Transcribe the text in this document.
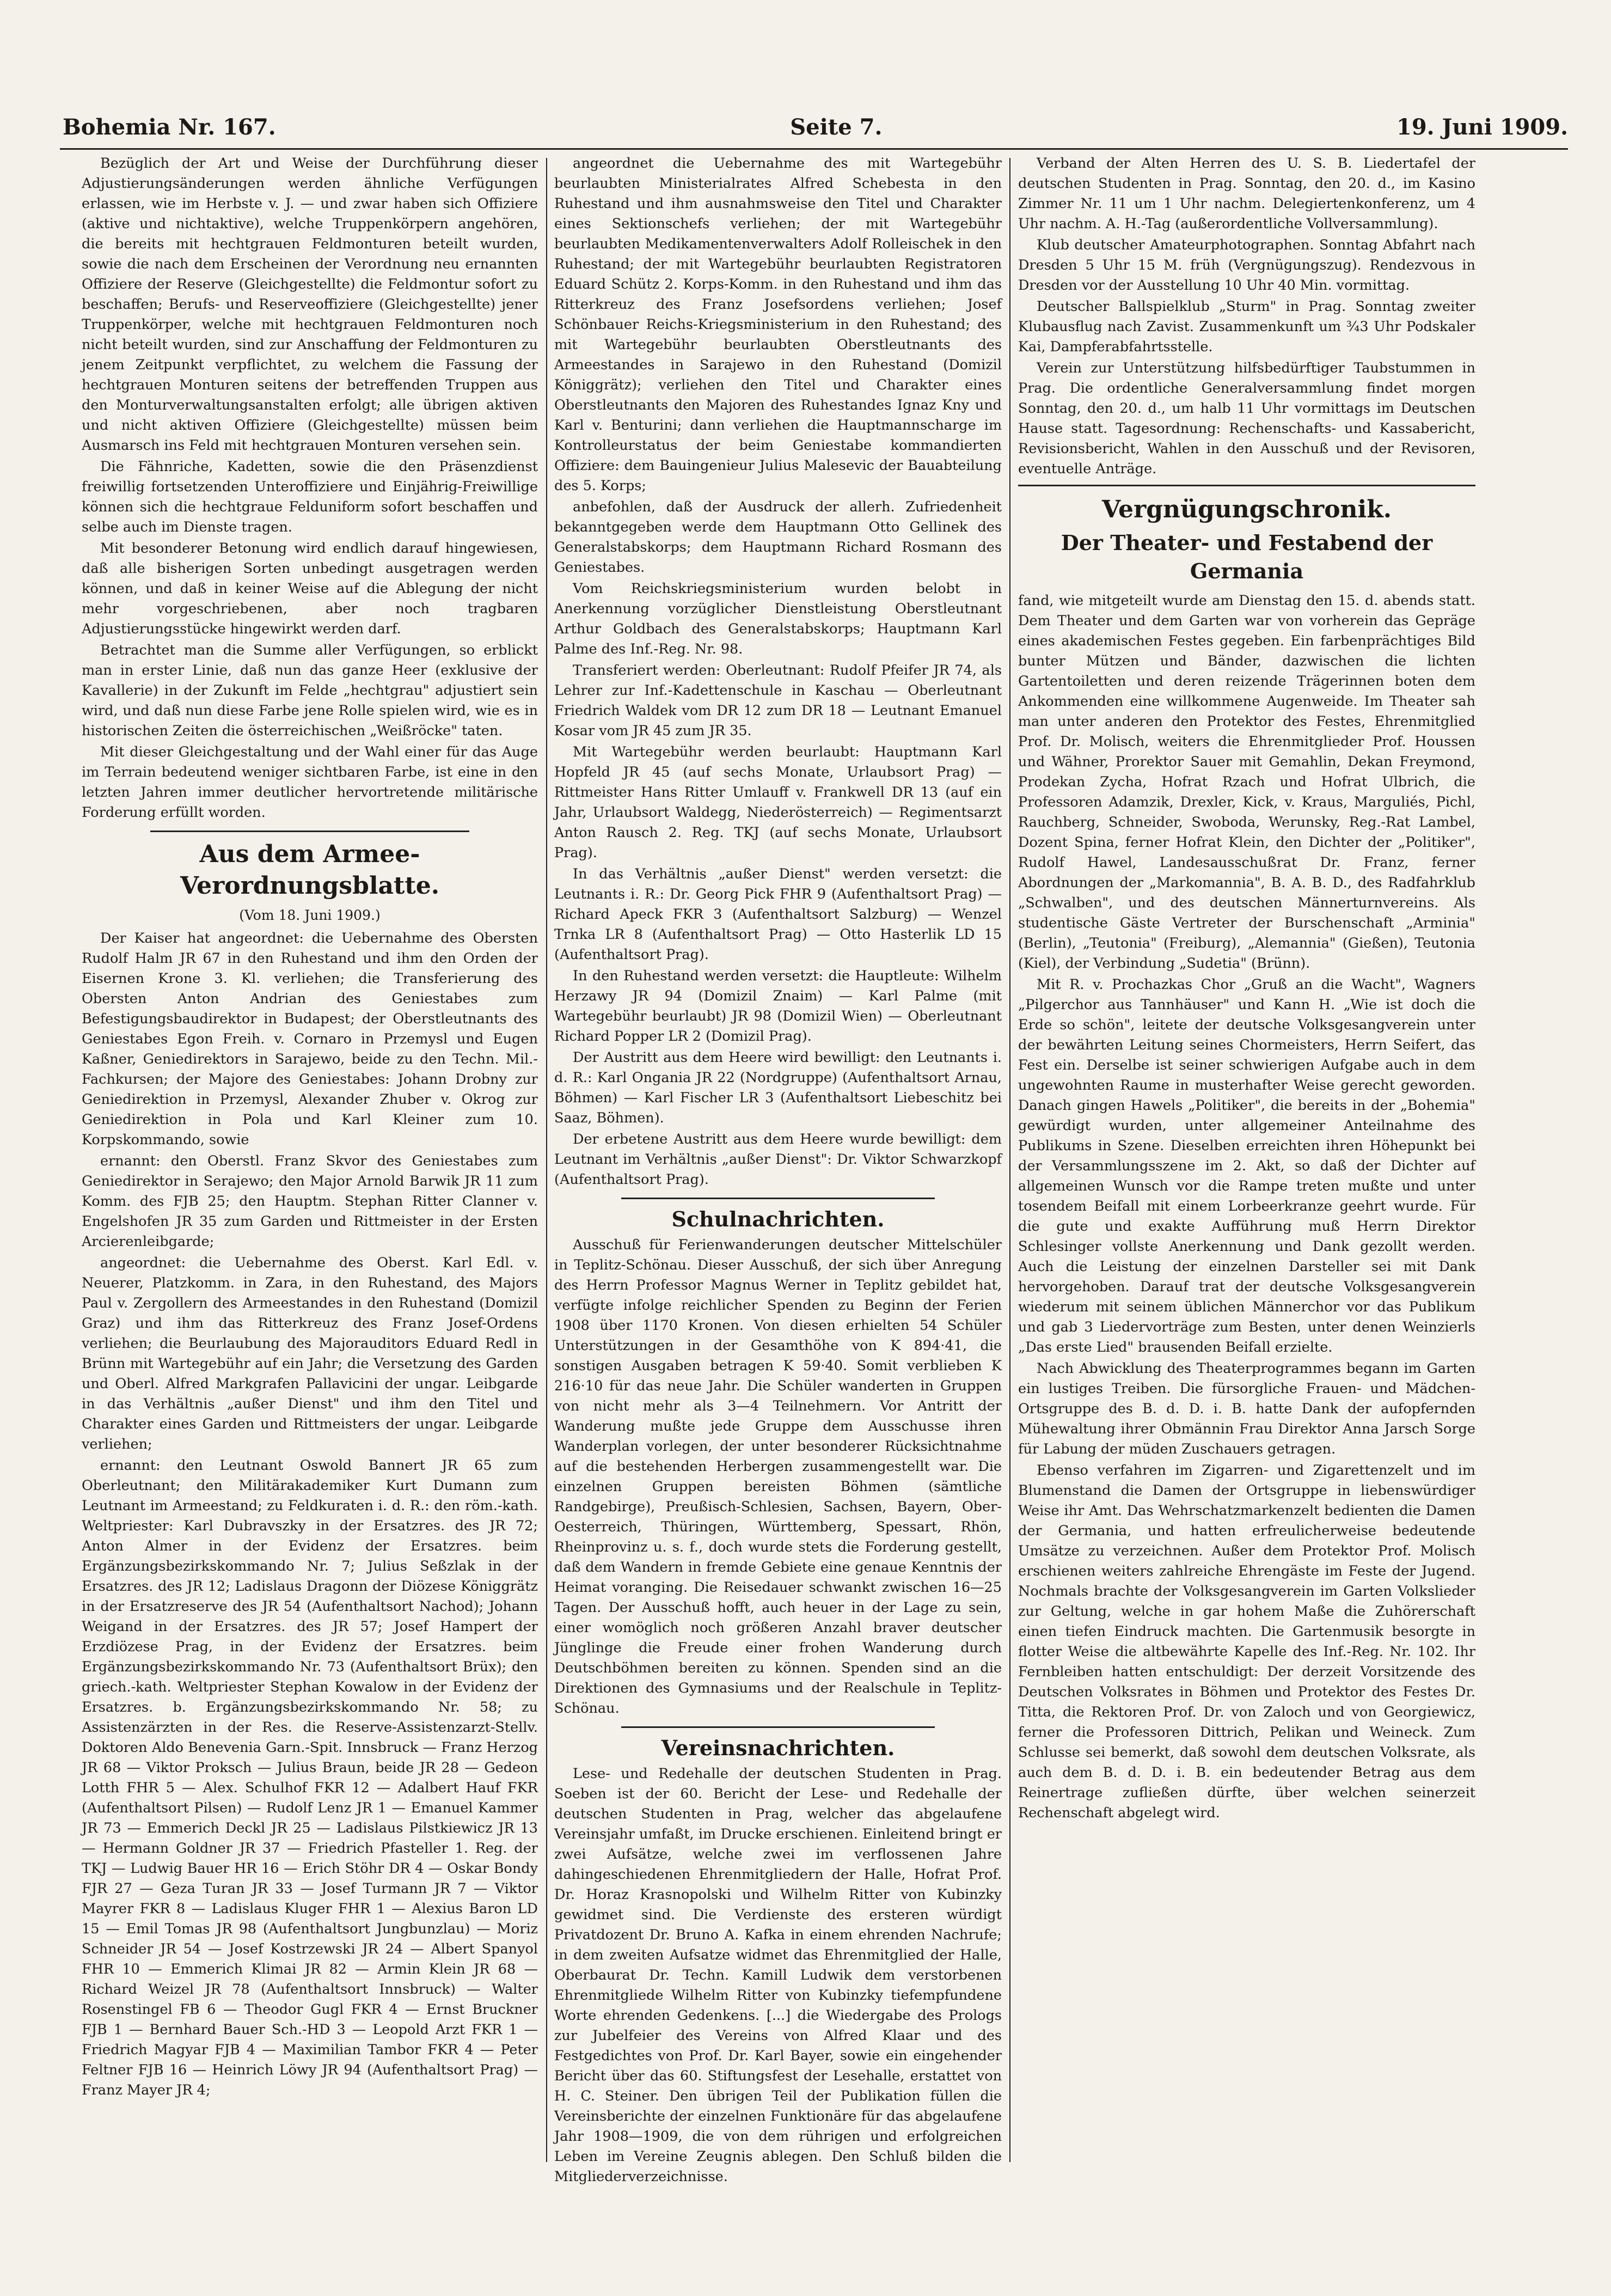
Bohemia Nr. 167.	Seite 7.	19. Juni 1909.

Bezüglich der Art und Weise der Durchführung dieser Adjustierungsänderungen werden ähnliche Verfügungen erlassen, wie im Herbste v. J. — und zwar haben sich Offiziere (aktive und nichtaktive), welche Truppenkörpern angehören, die bereits mit hechtgrauen Feldmonturen beteilt wurden, sowie die nach dem Erscheinen der Verordnung neu ernannten Offiziere der Reserve (Gleichgestellte) die Feldmontur sofort zu beschaffen; Berufs- und Reserveoffiziere (Gleichgestellte) jener Truppenkörper, welche mit hechtgrauen Feldmonturen noch nicht beteilt wurden, sind zur Anschaffung der Feldmonturen zu jenem Zeitpunkt verpflichtet, zu welchem die Fassung der hechtgrauen Monturen seitens der betreffenden Truppen aus den Monturverwaltungsanstalten erfolgt; alle übrigen aktiven und nicht aktiven Offiziere (Gleichgestellte) müssen beim Ausmarsch ins Feld mit hechtgrauen Monturen versehen sein.

Die Fähnriche, Kadetten, sowie die den Präsenzdienst freiwillig fortsetzenden Unteroffiziere und Einjährig-Freiwillige können sich die hechtgraue Felduniform sofort beschaffen und selbe auch im Dienste tragen.

Mit besonderer Betonung wird endlich darauf hingewiesen, daß alle bisherigen Sorten unbedingt ausgetragen werden können, und daß in keiner Weise auf die Ablegung der nicht mehr vorgeschriebenen, aber noch tragbaren Adjustierungsstücke hingewirkt werden darf.

Betrachtet man die Summe aller Verfügungen, so erblickt man in erster Linie, daß nun das ganze Heer (exklusive der Kavallerie) in der Zukunft im Felde „hechtgrau" adjustiert sein wird, und daß nun diese Farbe jene Rolle spielen wird, wie es in historischen Zeiten die österreichischen „Weißröcke" taten.

Mit dieser Gleichgestaltung und der Wahl einer für das Auge im Terrain bedeutend weniger sichtbaren Farbe, ist eine in den letzten Jahren immer deutlicher hervortretende militärische Forderung erfüllt worden.

Aus dem Armee-Verordnungsblatte.
(Vom 18. Juni 1909.)

Der Kaiser hat angeordnet: die Uebernahme des Obersten Rudolf Halm JR 67 in den Ruhestand und ihm den Orden der Eisernen Krone 3. Kl. verliehen; die Transferierung des Obersten Anton Andrian des Geniestabes zum Befestigungsbaudirektor in Budapest; der Oberstleutnants des Geniestabes Egon Freih. v. Cornaro in Przemysl und Eugen Kaßner, Geniedirektors in Sarajewo, beide zu den Techn. Mil.-Fachkursen; der Majore des Geniestabes: Johann Drobny zur Geniedirektion in Przemysl, Alexander Zhuber v. Okrog zur Geniedirektion in Pola und Karl Kleiner zum 10. Korpskommando, sowie

ernannt: den Oberstl. Franz Skvor des Geniestabes zum Geniedirektor in Serajewo; den Major Arnold Barwik JR 11 zum Komm. des FJB 25; den Hauptm. Stephan Ritter Clanner v. Engelshofen JR 35 zum Garden und Rittmeister in der Ersten Arcierenleibgarde;

angeordnet: die Uebernahme des Oberst. Karl Edl. v. Neuerer, Platzkomm. in Zara, in den Ruhestand, des Majors Paul v. Zergollern des Armeestandes in den Ruhestand (Domizil Graz) und ihm das Ritterkreuz des Franz Josef-Ordens verliehen; die Beurlaubung des Majorauditors Eduard Redl in Brünn mit Wartegebühr auf ein Jahr; die Versetzung des Garden und Oberl. Alfred Markgrafen Pallavicini der ungar. Leibgarde in das Verhältnis „außer Dienst" und ihm den Titel und Charakter eines Garden und Rittmeisters der ungar. Leibgarde verliehen;

ernannt: den Leutnant Oswold Bannert JR 65 zum Oberleutnant; den Militärakademiker Kurt Dumann zum Leutnant im Armeestand; zu Feldkuraten i. d. R.: den röm.-kath. Weltpriester: Karl Dubravszky in der Ersatzres. des JR 72; Anton Almer in der Evidenz der Ersatzres. beim Ergänzungsbezirkskommando Nr. 7; Julius Seßzlak in der Ersatzres. des JR 12; Ladislaus Dragonn der Diözese Königgrätz in der Ersatzreserve des JR 54 (Aufenthaltsort Nachod); Johann Weigand in der Ersatzres. des JR 57; Josef Hampert der Erzdiözese Prag, in der Evidenz der Ersatzres. beim Ergänzungsbezirkskommando Nr. 73 (Aufenthaltsort Brüx); den griech.-kath. Weltpriester Stephan Kowalow in der Evidenz der Ersatzres. b. Ergänzungsbezirkskommando Nr. 58; zu Assistenzärzten in der Res. die Reserve-Assistenzarzt-Stellv. Doktoren Aldo Benevenia Garn.-Spit. Innsbruck — Franz Herzog JR 68 — Viktor Proksch — Julius Braun, beide JR 28 — Gedeon Lotth FHR 5 — Alex. Schulhof FKR 12 — Adalbert Hauf FKR (Aufenthaltsort Pilsen) — Rudolf Lenz JR 1 — Emanuel Kammer JR 73 — Emmerich Deckl JR 25 — Ladislaus Pilstkiewicz JR 13 — Hermann Goldner JR 37 — Friedrich Pfasteller 1. Reg. der TKJ — Ludwig Bauer HR 16 — Erich Stöhr DR 4 — Oskar Bondy FJR 27 — Geza Turan JR 33 — Josef Turmann JR 7 — Viktor Mayrer FKR 8 — Ladislaus Kluger FHR 1 — Alexius Baron LD 15 — Emil Tomas JR 98 (Aufenthaltsort Jungbunzlau) — Moriz Schneider JR 54 — Josef Kostrzewski JR 24 — Albert Spanyol FHR 10 — Emmerich Klimai JR 82 — Armin Klein JR 68 — Richard Weizel JR 78 (Aufenthaltsort Innsbruck) — Walter Rosenstingel FB 6 — Theodor Gugl FKR 4 — Ernst Bruckner FJB 1 — Bernhard Bauer Sch.-HD 3 — Leopold Arzt FKR 1 — Friedrich Magyar FJB 4 — Maximilian Tambor FKR 4 — Peter Feltner FJB 16 — Heinrich Löwy JR 94 (Aufenthaltsort Prag) — Franz Mayer JR 4;

angeordnet die Uebernahme des mit Wartegebühr beurlaubten Ministerialrates Alfred Schebesta in den Ruhestand und ihm ausnahmsweise den Titel und Charakter eines Sektionschefs verliehen; der mit Wartegebühr beurlaubten Medikamentenverwalters Adolf Rolleischek in den Ruhestand; der mit Wartegebühr beurlaubten Registratoren Eduard Schütz 2. Korps-Komm. in den Ruhestand und ihm das Ritterkreuz des Franz Josefsordens verliehen; Josef Schönbauer Reichs-Kriegsministerium in den Ruhestand; des mit Wartegebühr beurlaubten Oberstleutnants des Armeestandes in Sarajewo in den Ruhestand (Domizil Königgrätz); verliehen den Titel und Charakter eines Oberstleutnants den Majoren des Ruhestandes Ignaz Kny und Karl v. Benturini; dann verliehen die Hauptmannscharge im Kontrolleurstatus der beim Geniestabe kommandierten Offiziere: dem Bauingenieur Julius Malesevic der Bauabteilung des 5. Korps;

anbefohlen, daß der Ausdruck der allerh. Zufriedenheit bekanntgegeben werde dem Hauptmann Otto Gellinek des Generalstabskorps; dem Hauptmann Richard Rosmann des Geniestabes.

Vom Reichskriegsministerium wurden belobt in Anerkennung vorzüglicher Dienstleistung Oberstleutnant Arthur Goldbach des Generalstabskorps; Hauptmann Karl Palme des Inf.-Reg. Nr. 98.

Transferiert werden: Oberleutnant: Rudolf Pfeifer JR 74, als Lehrer zur Inf.-Kadettenschule in Kaschau — Oberleutnant Friedrich Waldek vom DR 12 zum DR 18 — Leutnant Emanuel Kosar vom JR 45 zum JR 35.

Mit Wartegebühr werden beurlaubt: Hauptmann Karl Hopfeld JR 45 (auf sechs Monate, Urlaubsort Prag) — Rittmeister Hans Ritter Umlauff v. Frankwell DR 13 (auf ein Jahr, Urlaubsort Waldegg, Niederösterreich) — Regimentsarzt Anton Rausch 2. Reg. TKJ (auf sechs Monate, Urlaubsort Prag).

In das Verhältnis „außer Dienst" werden versetzt: die Leutnants i. R.: Dr. Georg Pick FHR 9 (Aufenthaltsort Prag) — Richard Apeck FKR 3 (Aufenthaltsort Salzburg) — Wenzel Trnka LR 8 (Aufenthaltsort Prag) — Otto Hasterlik LD 15 (Aufenthaltsort Prag).

In den Ruhestand werden versetzt: die Hauptleute: Wilhelm Herzawy JR 94 (Domizil Znaim) — Karl Palme (mit Wartegebühr beurlaubt) JR 98 (Domizil Wien) — Oberleutnant Richard Popper LR 2 (Domizil Prag).

Der Austritt aus dem Heere wird bewilligt: den Leutnants i. d. R.: Karl Ongania JR 22 (Nordgruppe) (Aufenthaltsort Arnau, Böhmen) — Karl Fischer LR 3 (Aufenthaltsort Liebeschitz bei Saaz, Böhmen).

Der erbetene Austritt aus dem Heere wurde bewilligt: dem Leutnant im Verhältnis „außer Dienst": Dr. Viktor Schwarzkopf (Aufenthaltsort Prag).

Schulnachrichten.

Ausschuß für Ferienwanderungen deutscher Mittelschüler in Teplitz-Schönau. Dieser Ausschuß, der sich über Anregung des Herrn Professor Magnus Werner in Teplitz gebildet hat, verfügte infolge reichlicher Spenden zu Beginn der Ferien 1908 über 1170 Kronen. Von diesen erhielten 54 Schüler Unterstützungen in der Gesamthöhe von K 894·41, die sonstigen Ausgaben betragen K 59·40. Somit verblieben K 216·10 für das neue Jahr. Die Schüler wanderten in Gruppen von nicht mehr als 3—4 Teilnehmern. Vor Antritt der Wanderung mußte jede Gruppe dem Ausschusse ihren Wanderplan vorlegen, der unter besonderer Rücksichtnahme auf die bestehenden Herbergen zusammengestellt war. Die einzelnen Gruppen bereisten Böhmen (sämtliche Randgebirge), Preußisch-Schlesien, Sachsen, Bayern, Ober-Oesterreich, Thüringen, Württemberg, Spessart, Rhön, Rheinprovinz u. s. f., doch wurde stets die Forderung gestellt, daß dem Wandern in fremde Gebiete eine genaue Kenntnis der Heimat voranging. Die Reisedauer schwankt zwischen 16—25 Tagen. Der Ausschuß hofft, auch heuer in der Lage zu sein, einer womöglich noch größeren Anzahl braver deutscher Jünglinge die Freude einer frohen Wanderung durch Deutschböhmen bereiten zu können. Spenden sind an die Direktionen des Gymnasiums und der Realschule in Teplitz-Schönau.

Vereinsnachrichten.

Lese- und Redehalle der deutschen Studenten in Prag. Soeben ist der 60. Bericht der Lese- und Redehalle der deutschen Studenten in Prag, welcher das abgelaufene Vereinsjahr umfaßt, im Drucke erschienen. Einleitend bringt er zwei Aufsätze, welche zwei im verflossenen Jahre dahingeschiedenen Ehrenmitgliedern der Halle, Hofrat Prof. Dr. Horaz Krasnopolski und Wilhelm Ritter von Kubinzky gewidmet sind. Die Verdienste des ersteren würdigt Privatdozent Dr. Bruno A. Kafka in einem ehrenden Nachrufe; in dem zweiten Aufsatze widmet das Ehrenmitglied der Halle, Oberbaurat Dr. Techn. Kamill Ludwik dem verstorbenen Ehrenmitgliede Wilhelm Ritter von Kubinzky tiefempfundene Worte ehrenden Gedenkens. [...] die Wiedergabe des Prologs zur Jubelfeier des Vereins von Alfred Klaar und des Festgedichtes von Prof. Dr. Karl Bayer, sowie ein eingehender Bericht über das 60. Stiftungsfest der Lesehalle, erstattet von H. C. Steiner. Den übrigen Teil der Publikation füllen die Vereinsberichte der einzelnen Funktionäre für das abgelaufene Jahr 1908—1909, die von dem rührigen und erfolgreichen Leben im Vereine Zeugnis ablegen. Den Schluß bilden die Mitgliederverzeichnisse.

Verband der Alten Herren des U. S. B. Liedertafel der deutschen Studenten in Prag. Sonntag, den 20. d., im Kasino Zimmer Nr. 11 um 1 Uhr nachm. Delegiertenkonferenz, um 4 Uhr nachm. A. H.-Tag (außerordentliche Vollversammlung).

Klub deutscher Amateurphotographen. Sonntag Abfahrt nach Dresden 5 Uhr 15 M. früh (Vergnügungszug). Rendezvous in Dresden vor der Ausstellung 10 Uhr 40 Min. vormittag.

Deutscher Ballspielklub „Sturm" in Prag. Sonntag zweiter Klubausflug nach Zavist. Zusammenkunft um ¾3 Uhr Podskaler Kai, Dampferabfahrtsstelle.

Verein zur Unterstützung hilfsbedürftiger Taubstummen in Prag. Die ordentliche Generalversammlung findet morgen Sonntag, den 20. d., um halb 11 Uhr vormittags im Deutschen Hause statt. Tagesordnung: Rechenschafts- und Kassabericht, Revisionsbericht, Wahlen in den Ausschuß und der Revisoren, eventuelle Anträge.

Vergnügungschronik.
Der Theater- und Festabend der Germania

fand, wie mitgeteilt wurde am Dienstag den 15. d. abends statt. Dem Theater und dem Garten war von vorherein das Gepräge eines akademischen Festes gegeben. Ein farbenprächtiges Bild bunter Mützen und Bänder, dazwischen die lichten Gartentoiletten und deren reizende Trägerinnen boten dem Ankommenden eine willkommene Augenweide. Im Theater sah man unter anderen den Protektor des Festes, Ehrenmitglied Prof. Dr. Molisch, weiters die Ehrenmitglieder Prof. Houssen und Wähner, Prorektor Sauer mit Gemahlin, Dekan Freymond, Prodekan Zycha, Hofrat Rzach und Hofrat Ulbrich, die Professoren Adamzik, Drexler, Kick, v. Kraus, Marguliés, Pichl, Rauchberg, Schneider, Swoboda, Werunsky, Reg.-Rat Lambel, Dozent Spina, ferner Hofrat Klein, den Dichter der „Politiker", Rudolf Hawel, Landesausschußrat Dr. Franz, ferner Abordnungen der „Markomannia", B. A. B. D., des Radfahrklub „Schwalben", und des deutschen Männerturnvereins. Als studentische Gäste Vertreter der Burschenschaft „Arminia" (Berlin), „Teutonia" (Freiburg), „Alemannia" (Gießen), Teutonia (Kiel), der Verbindung „Sudetia" (Brünn).

Mit R. v. Prochazkas Chor „Gruß an die Wacht", Wagners „Pilgerchor aus Tannhäuser" und Kann H. „Wie ist doch die Erde so schön", leitete der deutsche Volksgesangverein unter der bewährten Leitung seines Chormeisters, Herrn Seifert, das Fest ein. Derselbe ist seiner schwierigen Aufgabe auch in dem ungewohnten Raume in musterhafter Weise gerecht geworden. Danach gingen Hawels „Politiker", die bereits in der „Bohemia" gewürdigt wurden, unter allgemeiner Anteilnahme des Publikums in Szene. Dieselben erreichten ihren Höhepunkt bei der Versammlungsszene im 2. Akt, so daß der Dichter auf allgemeinen Wunsch vor die Rampe treten mußte und unter tosendem Beifall mit einem Lorbeerkranze geehrt wurde. Für die gute und exakte Aufführung muß Herrn Direktor Schlesinger vollste Anerkennung und Dank gezollt werden. Auch die Leistung der einzelnen Darsteller sei mit Dank hervorgehoben. Darauf trat der deutsche Volksgesangverein wiederum mit seinem üblichen Männerchor vor das Publikum und gab 3 Liedervorträge zum Besten, unter denen Weinzierls „Das erste Lied" brausenden Beifall erzielte.

Nach Abwicklung des Theaterprogrammes begann im Garten ein lustiges Treiben. Die fürsorgliche Frauen- und Mädchen-Ortsgruppe des B. d. D. i. B. hatte Dank der aufopfernden Mühewaltung ihrer Obmännin Frau Direktor Anna Jarsch Sorge für Labung der müden Zuschauers getragen.

Ebenso verfahren im Zigarren- und Zigarettenzelt und im Blumenstand die Damen der Ortsgruppe in liebenswürdiger Weise ihr Amt. Das Wehrschatzmarkenzelt bedienten die Damen der Germania, und hatten erfreulicherweise bedeutende Umsätze zu verzeichnen. Außer dem Protektor Prof. Molisch erschienen weiters zahlreiche Ehrengäste im Feste der Jugend. Nochmals brachte der Volksgesangverein im Garten Volkslieder zur Geltung, welche in gar hohem Maße die Zuhörerschaft einen tiefen Eindruck machten. Die Gartenmusik besorgte in flotter Weise die altbewährte Kapelle des Inf.-Reg. Nr. 102. Ihr Fernbleiben hatten entschuldigt: Der derzeit Vorsitzende des Deutschen Volksrates in Böhmen und Protektor des Festes Dr. Titta, die Rektoren Prof. Dr. von Zaloch und von Georgiewicz, ferner die Professoren Dittrich, Pelikan und Weineck. Zum Schlusse sei bemerkt, daß sowohl dem deutschen Volksrate, als auch dem B. d. D. i. B. ein bedeutender Betrag aus dem Reinertrage zufließen dürfte, über welchen seinerzeit Rechenschaft abgelegt wird.
